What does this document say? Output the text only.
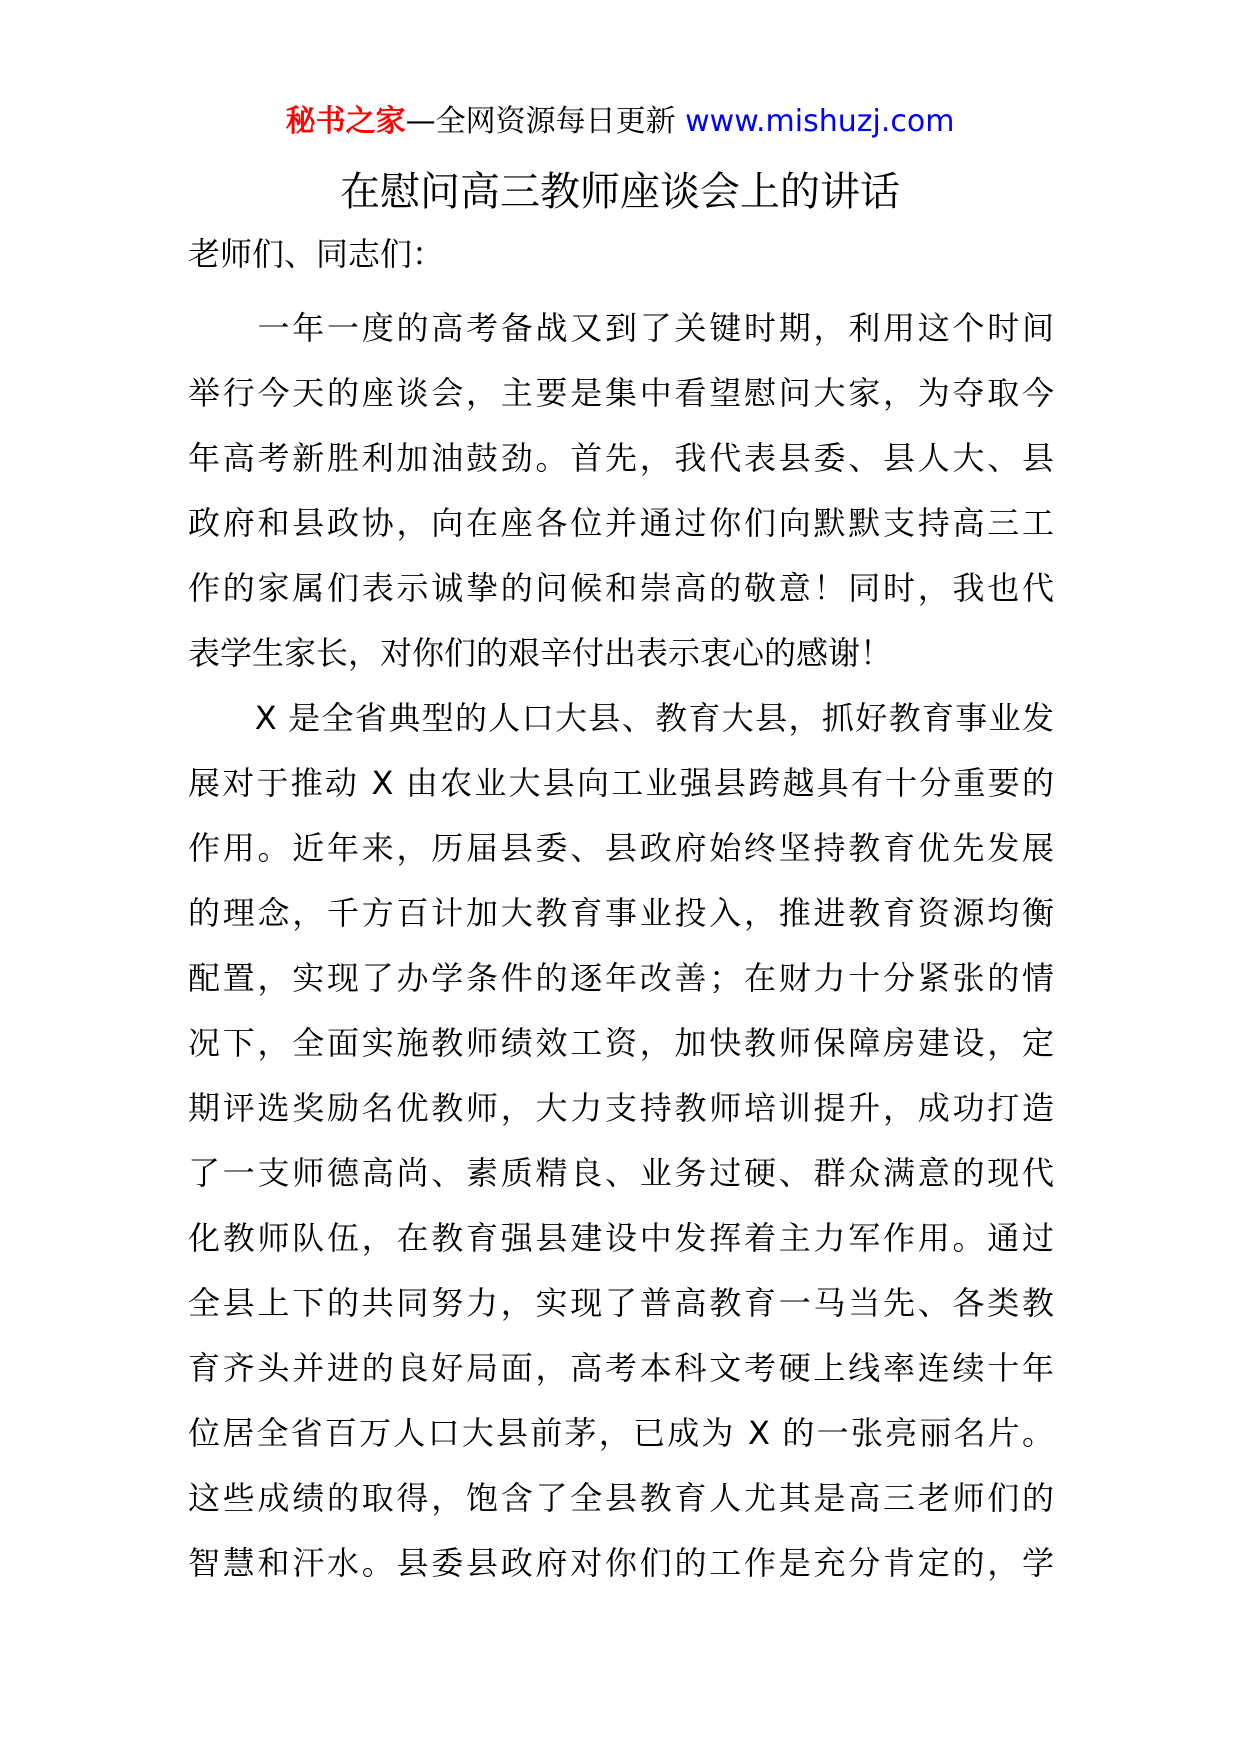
秘书之家—全网资源每日更新 www.mishuzj.com
在慰问高三教师座谈会上的讲话
老师们、同志们：
　　一年一度的高考备战又到了关键时期，利用这个时间
举行今天的座谈会，主要是集中看望慰问大家，为夺取今
年高考新胜利加油鼓劲。首先，我代表县委、县人大、县
政府和县政协，向在座各位并通过你们向默默支持高三工
作的家属们表示诚挚的问候和崇高的敬意！同时，我也代
表学生家长，对你们的艰辛付出表示衷心的感谢！
　　X 是全省典型的人口大县、教育大县，抓好教育事业发
展对于推动 X 由农业大县向工业强县跨越具有十分重要的
作用。近年来，历届县委、县政府始终坚持教育优先发展
的理念，千方百计加大教育事业投入，推进教育资源均衡
配置，实现了办学条件的逐年改善；在财力十分紧张的情
况下，全面实施教师绩效工资，加快教师保障房建设，定
期评选奖励名优教师，大力支持教师培训提升，成功打造
了一支师德高尚、素质精良、业务过硬、群众满意的现代
化教师队伍，在教育强县建设中发挥着主力军作用。通过
全县上下的共同努力，实现了普高教育一马当先、各类教
育齐头并进的良好局面，高考本科文考硬上线率连续十年
位居全省百万人口大县前茅，已成为 X 的一张亮丽名片。
这些成绩的取得，饱含了全县教育人尤其是高三老师们的
智慧和汗水。县委县政府对你们的工作是充分肯定的，学
